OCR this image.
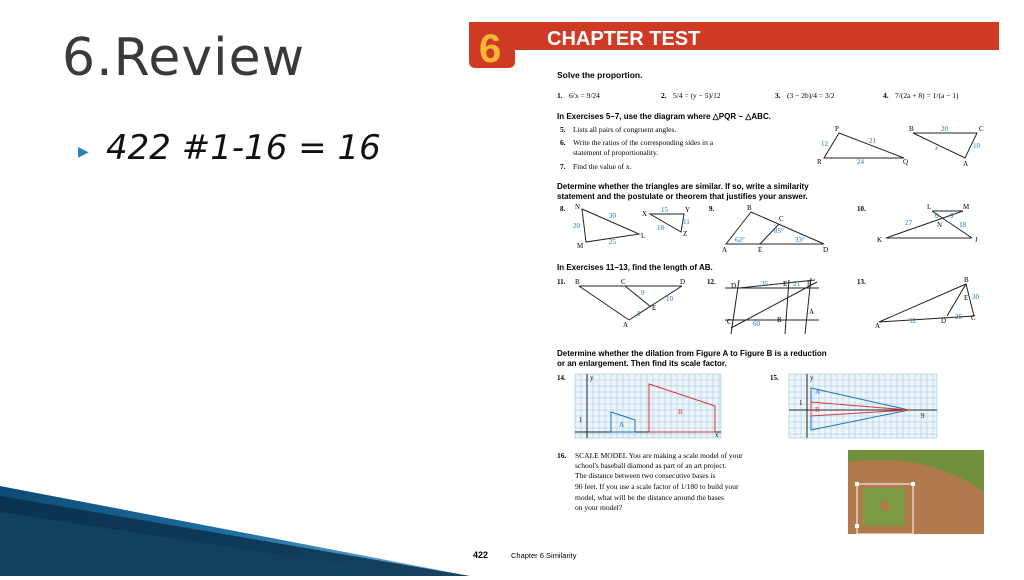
6.Review
▶ 422 #1-16 = 16
6 CHAPTER TEST
Solve the proportion.
1. 6/x = 9/24	2. 5/4 = (y − 5)/12	3. (3 − 2b)/4 = 3/2	4. 7/(2a + 8) = 1/(a − 1)
In Exercises 5–7, use the diagram where △PQR ~ △ABC.
5. Lists all pairs of congruent angles.
6. Write the ratios of the corresponding sides in a
statement of proportionality.
7. Find the value of x.
P
R	Q
12	21
24
B	C
A
20
10
x
Determine whether the triangles are similar. If so, write a similarity
statement and the postulate or theorem that justifies your answer.
8. N
L
M
30
20
25
X	Y
Z
15
11
18
9.	B
C
A	E	D
85°
62°	33°
10.
K	J
L	M
N
27
6 9
18
In Exercises 11–13, find the length of AB.
11. B	C	D
E
A
9
10
8
12. D	E	F
A
B
C
35	21
60
13.	B
A
D	C
E 30
52	26
Determine whether the dilation from Figure A to Figure B is a reduction
or an enlargement. Then find its scale factor.
14.
A
B
y
x
1
15.
A
B
y
1
9
16. SCALE MODEL You are making a scale model of your
school's baseball diamond as part of an art project.
The distance between two consecutive bases is
90 feet. If you use a scale factor of 1/180 to build your
model, what will be the distance around the bases
on your model?
422	Chapter 6 Similarity
